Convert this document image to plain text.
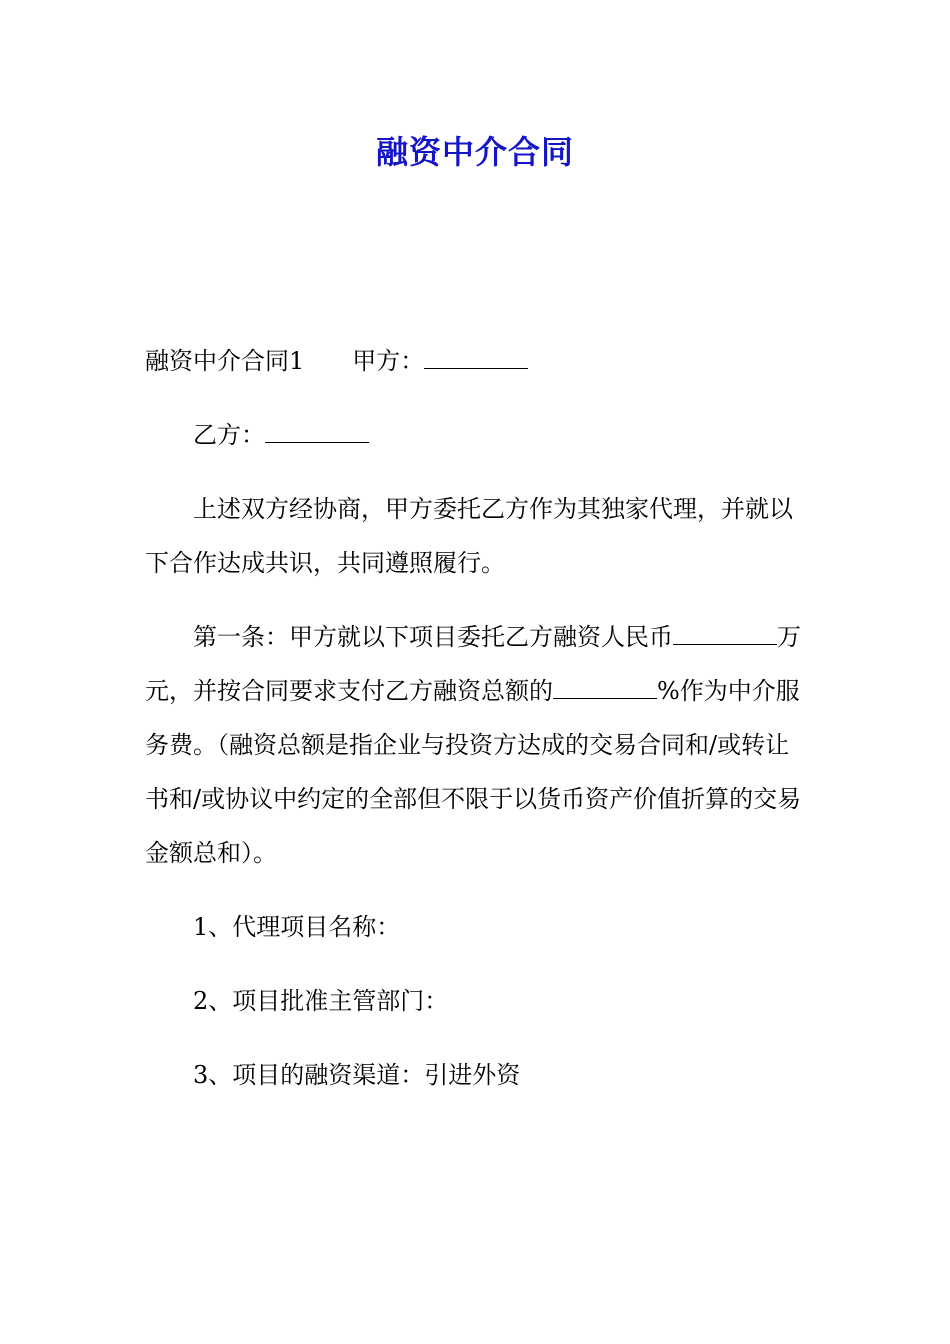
融资中介合同

融资中介合同1 甲方：

乙方：

上述双方经协商，甲方委托乙方作为其独家代理，并就以下合作达成共识，共同遵照履行。

第一条：甲方就以下项目委托乙方融资人民币	万元，并按合同要求支付乙方融资总额的	%作为中介服务费。（融资总额是指企业与投资方达成的交易合同和/或转让书和/或协议中约定的全部但不限于以货币资产价值折算的交易金额总和）。

1、代理项目名称：

2、项目批准主管部门：

3、项目的融资渠道：引进外资
